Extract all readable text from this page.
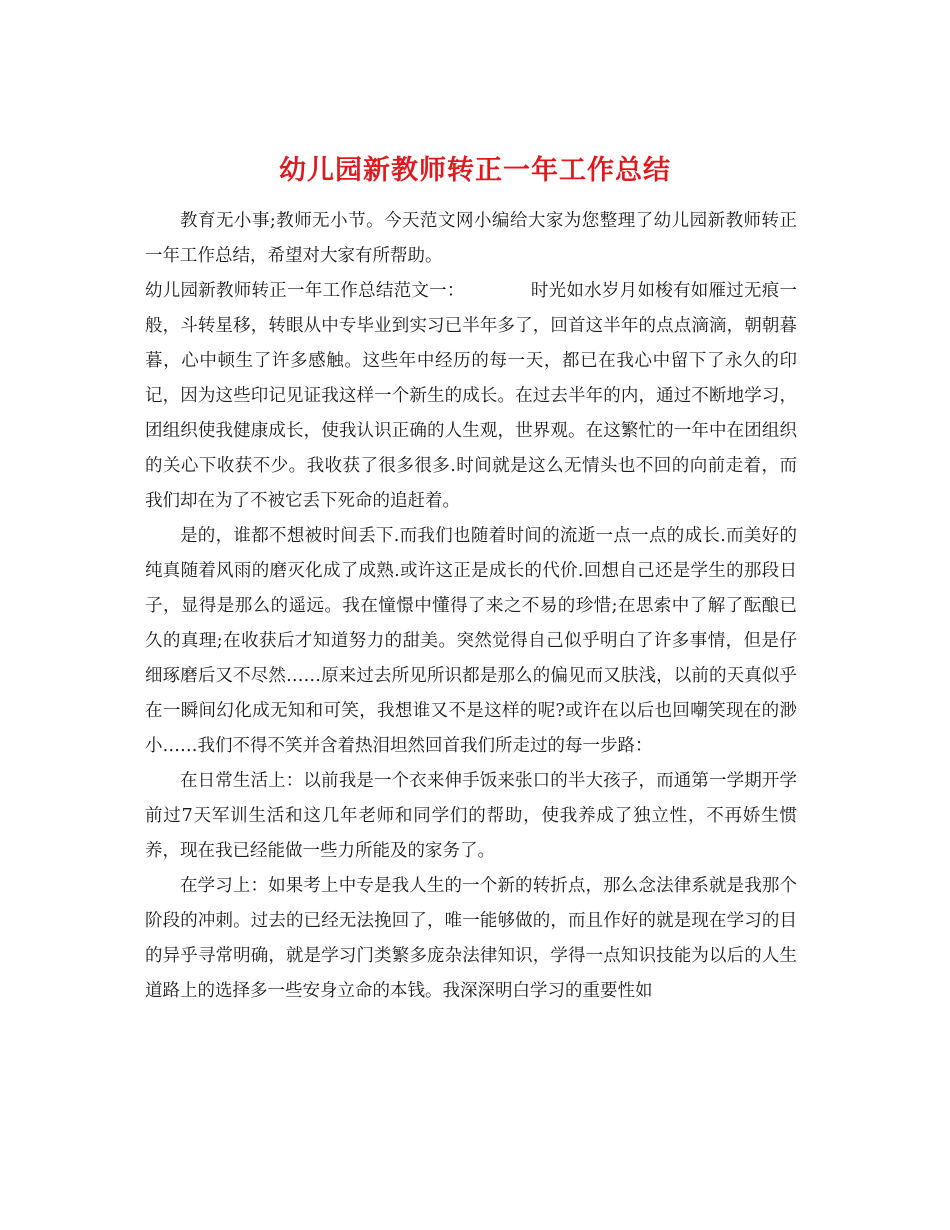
幼儿园新教师转正一年工作总结

教育无小事;教师无小节。今天范文网小编给大家为您整理了幼儿园新教师转正一年工作总结，希望对大家有所帮助。

幼儿园新教师转正一年工作总结范文一：	时光如水岁月如梭有如雁过无痕一般，斗转星移，转眼从中专毕业到实习已半年多了，回首这半年的点点滴滴，朝朝暮暮，心中顿生了许多感触。这些年中经历的每一天，都已在我心中留下了永久的印记，因为这些印记见证我这样一个新生的成长。在过去半年的内，通过不断地学习，团组织使我健康成长，使我认识正确的人生观，世界观。在这繁忙的一年中在团组织的关心下收获不少。我收获了很多很多.时间就是这么无情头也不回的向前走着，而我们却在为了不被它丢下死命的追赶着。

是的，谁都不想被时间丢下.而我们也随着时间的流逝一点一点的成长.而美好的纯真随着风雨的磨灭化成了成熟.或许这正是成长的代价.回想自己还是学生的那段日子，显得是那么的遥远。我在憧憬中懂得了来之不易的珍惜;在思索中了解了酝酿已久的真理;在收获后才知道努力的甜美。突然觉得自己似乎明白了许多事情，但是仔细琢磨后又不尽然……原来过去所见所识都是那么的偏见而又肤浅，以前的天真似乎在一瞬间幻化成无知和可笑，我想谁又不是这样的呢?或许在以后也回嘲笑现在的渺小……我们不得不笑并含着热泪坦然回首我们所走过的每一步路：

在日常生活上：以前我是一个衣来伸手饭来张口的半大孩子，而通第一学期开学前过7天军训生活和这几年老师和同学们的帮助，使我养成了独立性，不再娇生惯养，现在我已经能做一些力所能及的家务了。

在学习上：如果考上中专是我人生的一个新的转折点，那么念法律系就是我那个阶段的冲刺。过去的已经无法挽回了，唯一能够做的，而且作好的就是现在学习的目的异乎寻常明确，就是学习门类繁多庞杂法律知识，学得一点知识技能为以后的人生道路上的选择多一些安身立命的本钱。我深深明白学习的重要性如
